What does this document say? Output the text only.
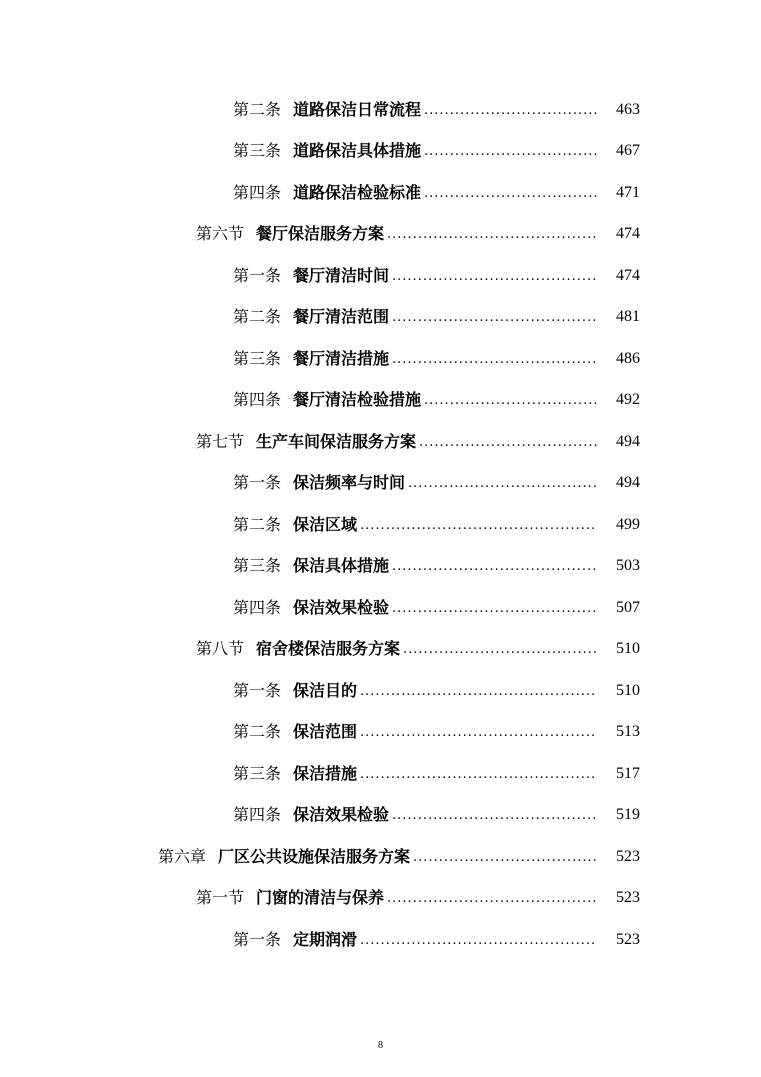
第二条 道路保洁日常流程 .....	463
第三条 道路保洁具体措施 .....	467
第四条 道路保洁检验标准 .....	471
第六节 餐厅保洁服务方案 .....	474
第一条 餐厅清洁时间 .....	474
第二条 餐厅清洁范围 .....	481
第三条 餐厅清洁措施 .....	486
第四条 餐厅清洁检验措施 .....	492
第七节 生产车间保洁服务方案 .....	494
第一条 保洁频率与时间 .....	494
第二条 保洁区域 .....	499
第三条 保洁具体措施 .....	503
第四条 保洁效果检验 .....	507
第八节 宿舍楼保洁服务方案 .....	510
第一条 保洁目的 .....	510
第二条 保洁范围 .....	513
第三条 保洁措施 .....	517
第四条 保洁效果检验 .....	519
第六章 厂区公共设施保洁服务方案 .....	523
第一节 门窗的清洁与保养 .....	523
第一条 定期润滑 .....	523
8
